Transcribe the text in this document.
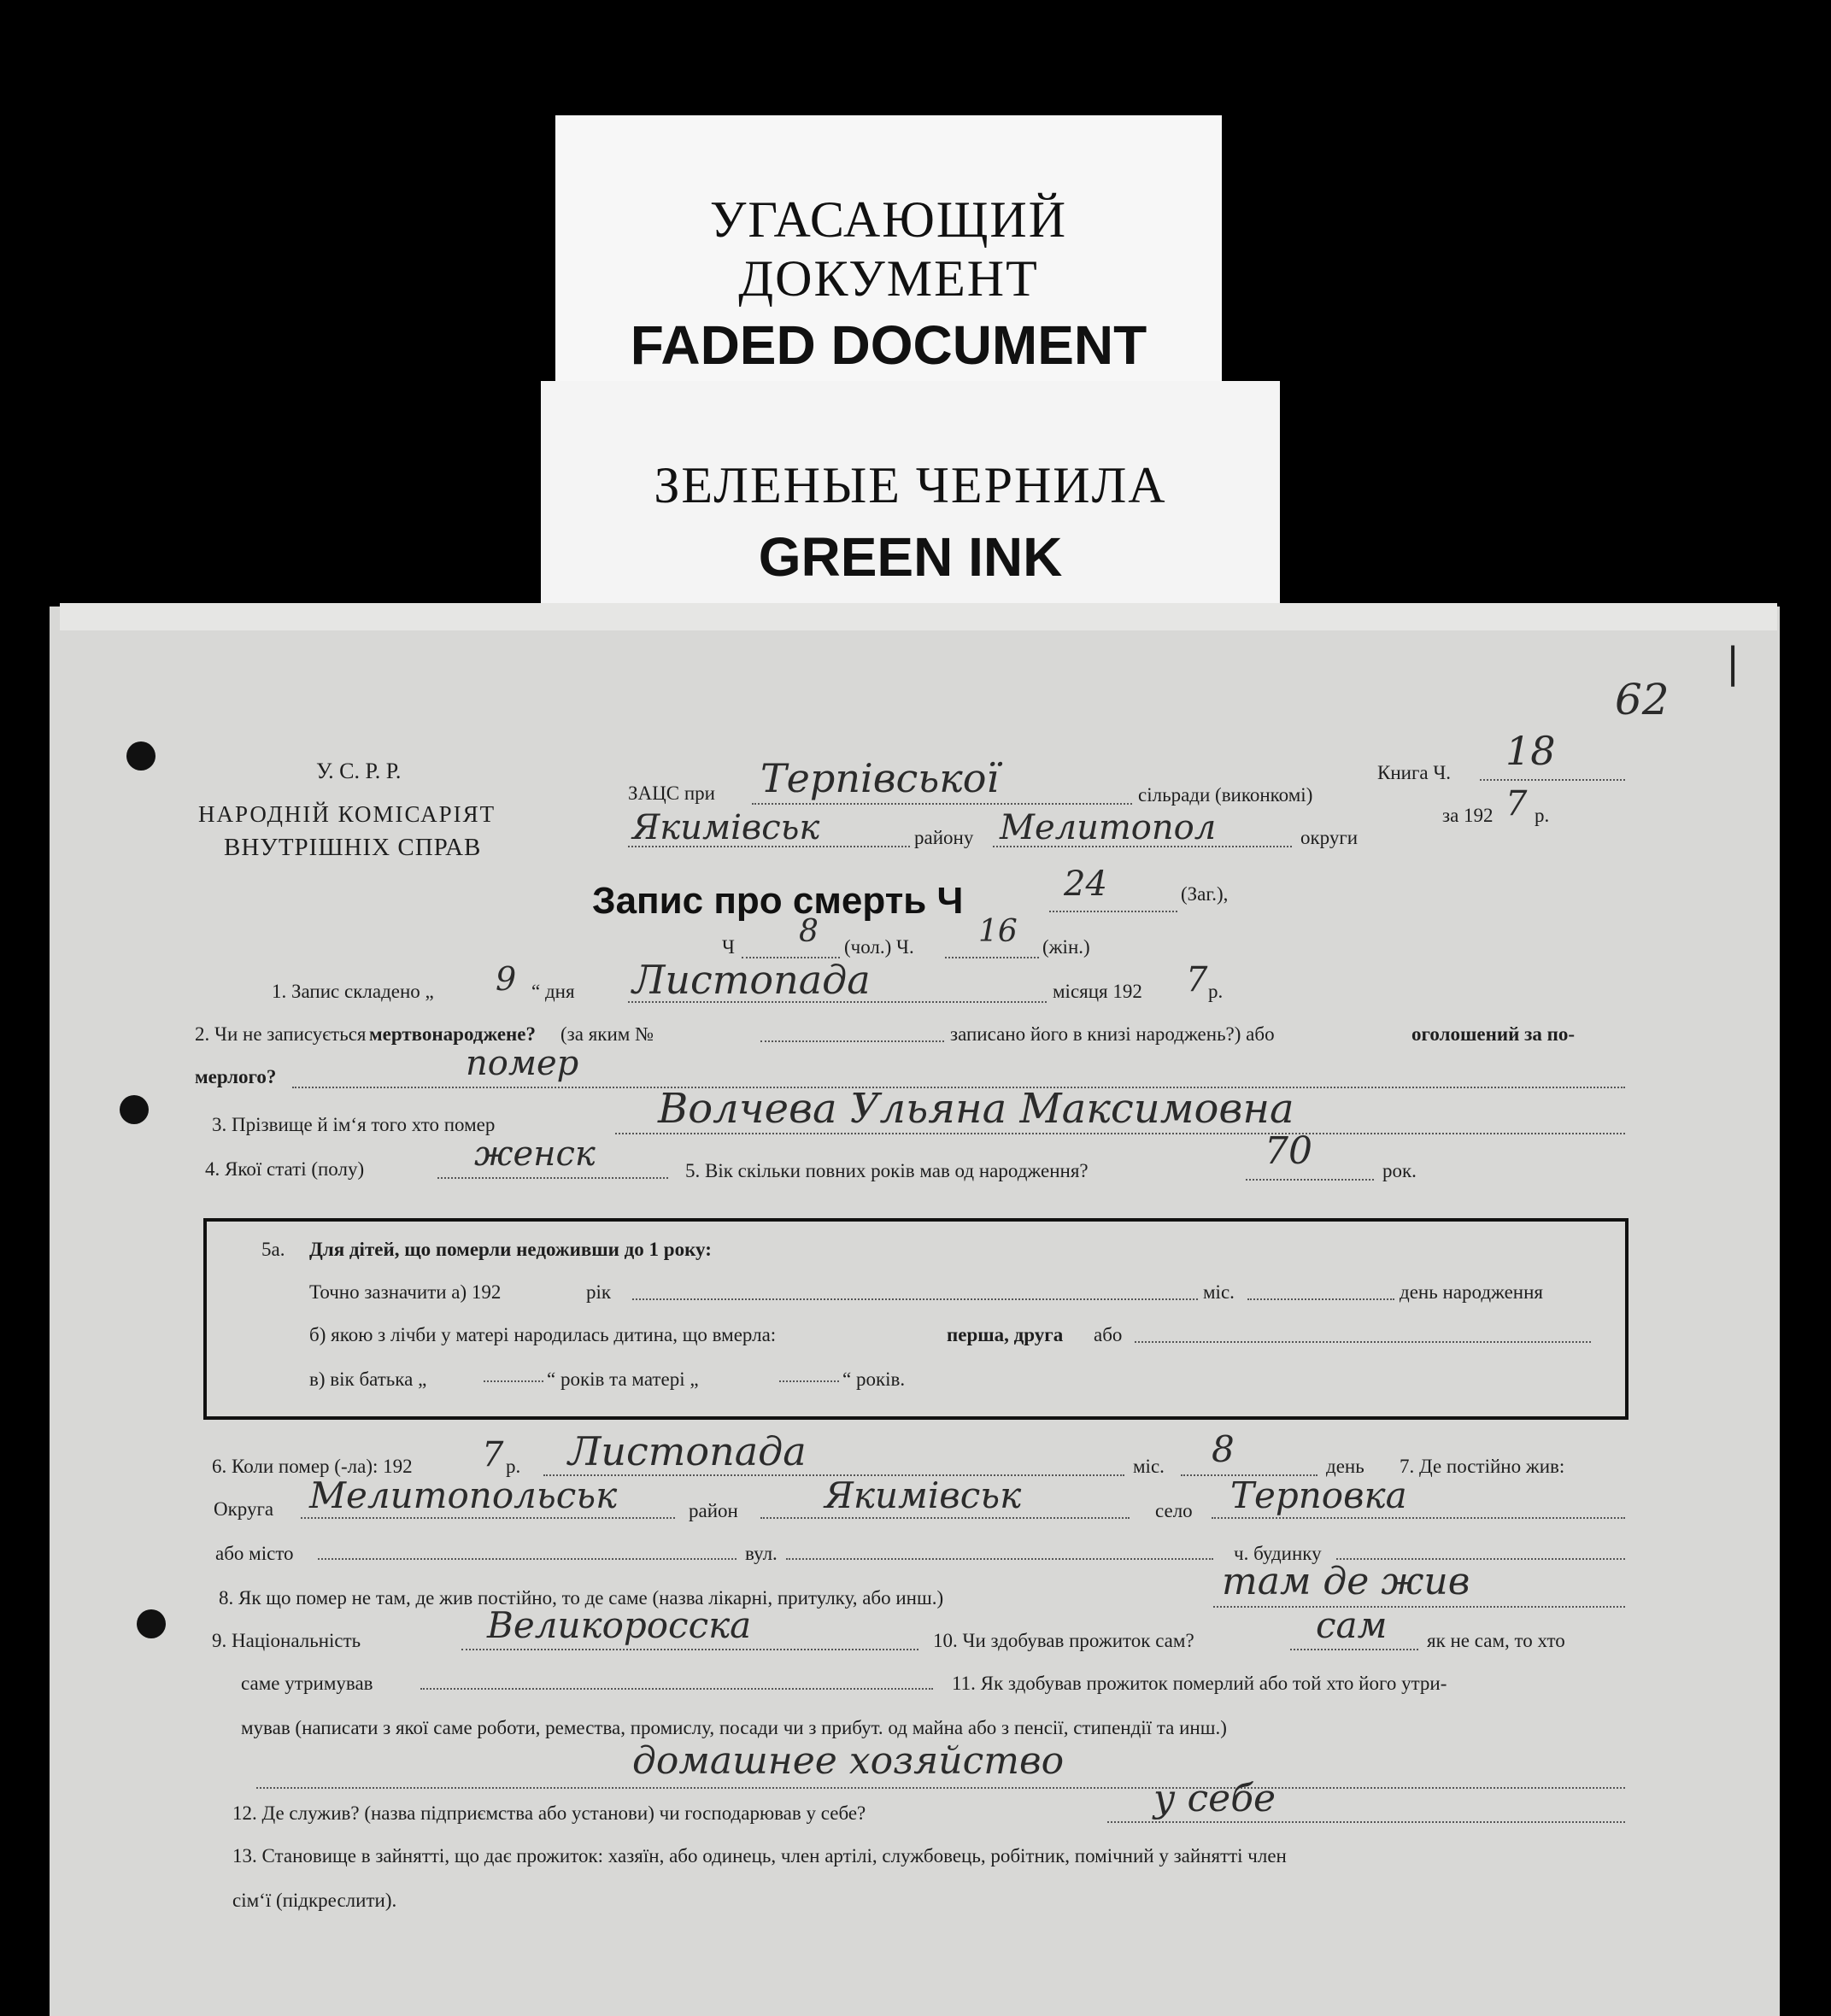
УГАСАЮЩИЙ ДОКУМЕНТ
FADED DOCUMENT
ЗЕЛЕНЫЕ ЧЕРНИЛА
GREEN INK
62
|
У. С. Р. Р.
НАРОДНІЙ КОМІСАРІЯТ
ВНУТРІШНІХ СПРАВ
ЗАЦС при Терпівської	сільради (виконкомі)
Книга Ч. 18
Якимівськ	районy Мелитопол	округи
за 192 7 р.
Запис про смерть Ч	24	(Заг.),
Ч 8 (чол.) Ч. 16 (жін.)
1. Запис складено „ 9 “ дня Листопада	місяця 192 7 р.
2. Чи не записується мертвонароджене? (за яким №	записано його в книзі народжень?) або	оголошений за по-
мерлого?	помер
3. Прізвище й ім‘я того хто помер	Волчева Ульяна Максимовна
4. Якої статі (полу)	женск	5. Вік скільки повних років мав од народження?	70	рок.
5а. Для дітей, що померли недоживши до 1 року:
Точно зазначити а) 192	рік	міс.	день народження
б) якою з лічби у матері народилась дитина, що вмерла:	перша, друга або
в) вік батька „	“ років та матері „	“ років.
6. Коли помер (-ла): 192 7 р. Листопада	міс. 8	день 7. Де постійно жив:
Округа Мелитопольськ	район Якимівськ	село Терповка
або місто	вул.	ч. будинку
8. Як що помер не там, де жив постійно, то де саме (назва лікарні, притулку, або инш.)	там де жив
9. Національність	Великоросска	10. Чи здобував прожиток сам?	сам як не сам, то хто
саме утримував	11. Як здобував прожиток померлий або той хто його утри-
мував (написати з якої саме роботи, ремества, промислу, посади чи з прибут. од майна або з пенсії, стипендії та инш.)
домашнее хозяйство
12. Де служив? (назва підприємства або установи) чи господарював у себе?	у себе
13. Становище в зайнятті, що дає прожиток: хазяїн, або одинець, член артілі, службовець, робітник, помічний у зайнятті член
сім‘ї (підкреслити).
